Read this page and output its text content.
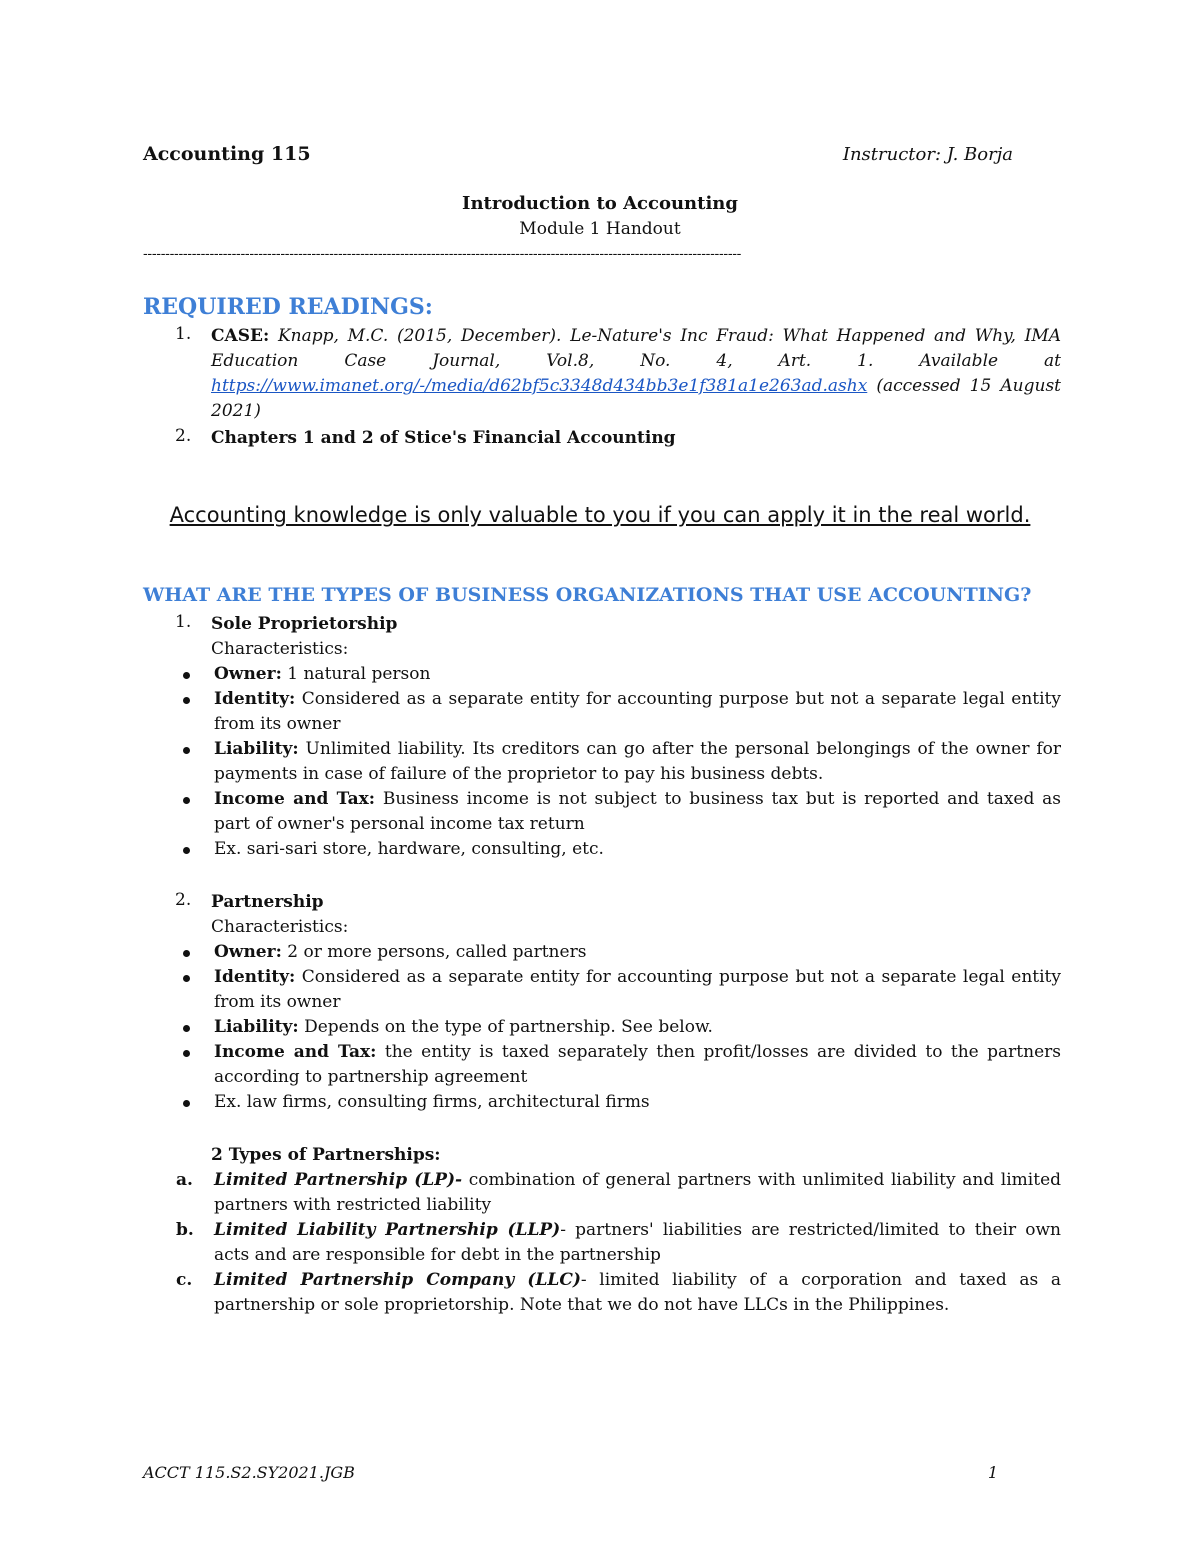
Accounting 115	Instructor: J. Borja
Introduction to Accounting
Module 1 Handout
---------------------------------------------------------------------------------------------------------------------------------------
REQUIRED READINGS:
1. CASE: Knapp, M.C. (2015, December). Le-Nature's Inc Fraud: What Happened and Why, IMA Education Case Journal, Vol.8, No. 4, Art. 1. Available at https://www.imanet.org/-/media/d62bf5c3348d434bb3e1f381a1e263ad.ashx (accessed 15 August 2021)
2. Chapters 1 and 2 of Stice's Financial Accounting
Accounting knowledge is only valuable to you if you can apply it in the real world.
WHAT ARE THE TYPES OF BUSINESS ORGANIZATIONS THAT USE ACCOUNTING?
1. Sole Proprietorship
Characteristics:
Owner: 1 natural person
Identity: Considered as a separate entity for accounting purpose but not a separate legal entity from its owner
Liability: Unlimited liability. Its creditors can go after the personal belongings of the owner for payments in case of failure of the proprietor to pay his business debts.
Income and Tax: Business income is not subject to business tax but is reported and taxed as part of owner's personal income tax return
Ex. sari-sari store, hardware, consulting, etc.
2. Partnership
Characteristics:
Owner: 2 or more persons, called partners
Identity: Considered as a separate entity for accounting purpose but not a separate legal entity from its owner
Liability: Depends on the type of partnership. See below.
Income and Tax: the entity is taxed separately then profit/losses are divided to the partners according to partnership agreement
Ex. law firms, consulting firms, architectural firms
2 Types of Partnerships:
a. Limited Partnership (LP)- combination of general partners with unlimited liability and limited partners with restricted liability
b. Limited Liability Partnership (LLP)- partners' liabilities are restricted/limited to their own acts and are responsible for debt in the partnership
c. Limited Partnership Company (LLC)- limited liability of a corporation and taxed as a partnership or sole proprietorship. Note that we do not have LLCs in the Philippines.
ACCT 115.S2.SY2021.JGB	1
